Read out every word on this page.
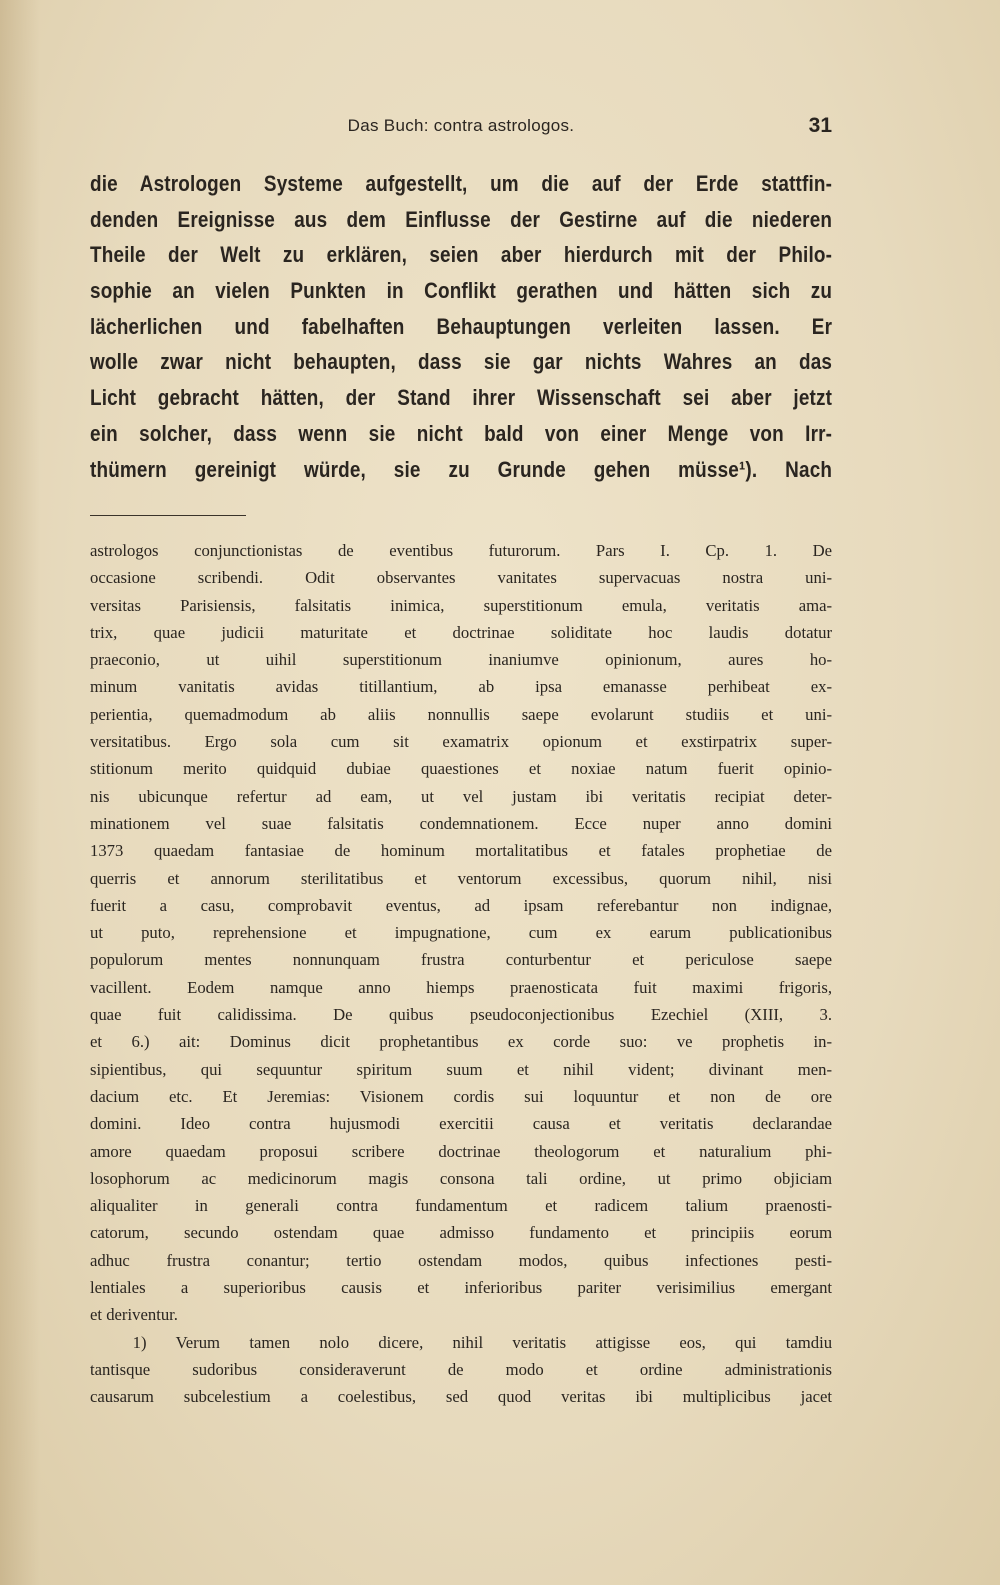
Das Buch: contra astrologos.	31
die Astrologen Systeme aufgestellt, um die auf der Erde stattfin-
denden Ereignisse aus dem Einflusse der Gestirne auf die niederen
Theile der Welt zu erklären, seien aber hierdurch mit der Philo-
sophie an vielen Punkten in Conflikt gerathen und hätten sich zu
lächerlichen und fabelhaften Behauptungen verleiten lassen. Er
wolle zwar nicht behaupten, dass sie gar nichts Wahres an das
Licht gebracht hätten, der Stand ihrer Wissenschaft sei aber jetzt
ein solcher, dass wenn sie nicht bald von einer Menge von Irr-
thümern gereinigt würde, sie zu Grunde gehen müsse¹). Nach
astrologos conjunctionistas de eventibus futurorum. Pars I. Cp. 1. De
occasione scribendi. Odit observantes vanitates supervacuas nostra uni-
versitas Parisiensis, falsitatis inimica, superstitionum emula, veritatis ama-
trix, quae judicii maturitate et doctrinae soliditate hoc laudis dotatur
praeconio, ut uihil superstitionum inaniumve opinionum, aures ho-
minum vanitatis avidas titillantium, ab ipsa emanasse perhibeat ex-
perientia, quemadmodum ab aliis nonnullis saepe evolarunt studiis et uni-
versitatibus. Ergo sola cum sit examatrix opionum et exstirpatrix super-
stitionum merito quidquid dubiae quaestiones et noxiae natum fuerit opinio-
nis ubicunque refertur ad eam, ut vel justam ibi veritatis recipiat deter-
minationem vel suae falsitatis condemnationem. Ecce nuper anno domini
1373 quaedam fantasiae de hominum mortalitatibus et fatales prophetiae de
querris et annorum sterilitatibus et ventorum excessibus, quorum nihil, nisi
fuerit a casu, comprobavit eventus, ad ipsam referebantur non indignae,
ut puto, reprehensione et impugnatione, cum ex earum publicationibus
populorum mentes nonnunquam frustra conturbentur et periculose saepe
vacillent. Eodem namque anno hiemps praenosticata fuit maximi frigoris,
quae fuit calidissima. De quibus pseudoconjectionibus Ezechiel (XIII, 3.
et 6.) ait: Dominus dicit prophetantibus ex corde suo: ve prophetis in-
sipientibus, qui sequuntur spiritum suum et nihil vident; divinant men-
dacium etc. Et Jeremias: Visionem cordis sui loquuntur et non de ore
domini. Ideo contra hujusmodi exercitii causa et veritatis declarandae
amore quaedam proposui scribere doctrinae theologorum et naturalium phi-
losophorum ac medicinorum magis consona tali ordine, ut primo objiciam
aliqualiter in generali contra fundamentum et radicem talium praenosti-
catorum, secundo ostendam quae admisso fundamento et principiis eorum
adhuc frustra conantur; tertio ostendam modos, quibus infectiones pesti-
lentiales a superioribus causis et inferioribus pariter verisimilius emergant
et deriventur.
1) Verum tamen nolo dicere, nihil veritatis attigisse eos, qui tamdiu
tantisque sudoribus consideraverunt de modo et ordine administrationis
causarum subcelestium a coelestibus, sed quod veritas ibi multiplicibus jacet
